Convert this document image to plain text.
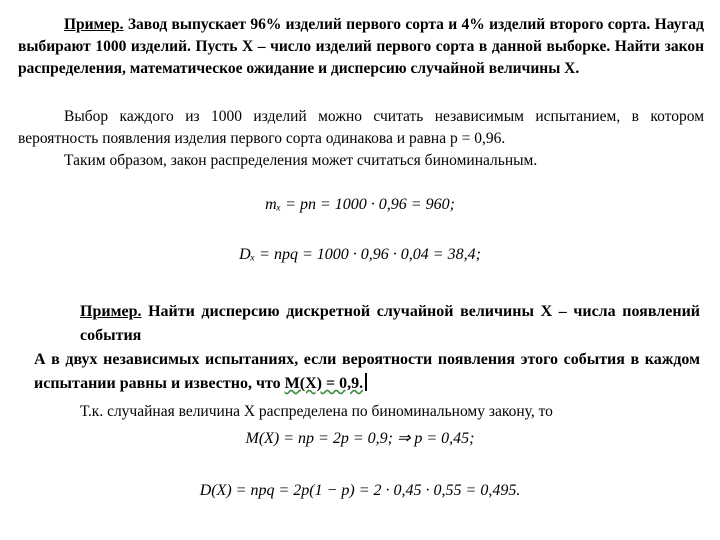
Пример. Завод выпускает 96% изделий первого сорта и 4% изделий второго сорта. Наугад
выбирают 1000 изделий. Пусть X – число изделий первого сорта в данной выборке. Найти закон
распределения, математическое ожидание и дисперсию случайной величины X.
Выбор каждого из 1000 изделий можно считать независимым испытанием, в котором
вероятность появления изделия первого сорта одинакова и равна p = 0,96.
Таким образом, закон распределения может считаться биноминальным.
mₓ = pn = 1000 · 0,96 = 960;
Dₓ = npq = 1000 · 0,96 · 0,04 = 38,4;
Пример. Найти дисперсию дискретной случайной величины X – числа появлений события
А в двух независимых испытаниях, если вероятности появления этого события в каждом
испытании равны и известно, что M(X) = 0,9.
Т.к. случайная величина X распределена по биноминальному закону, то
M(X) = np = 2p = 0,9; ⇒ p = 0,45;
D(X) = npq = 2p(1 − p) = 2 · 0,45 · 0,55 = 0,495.
